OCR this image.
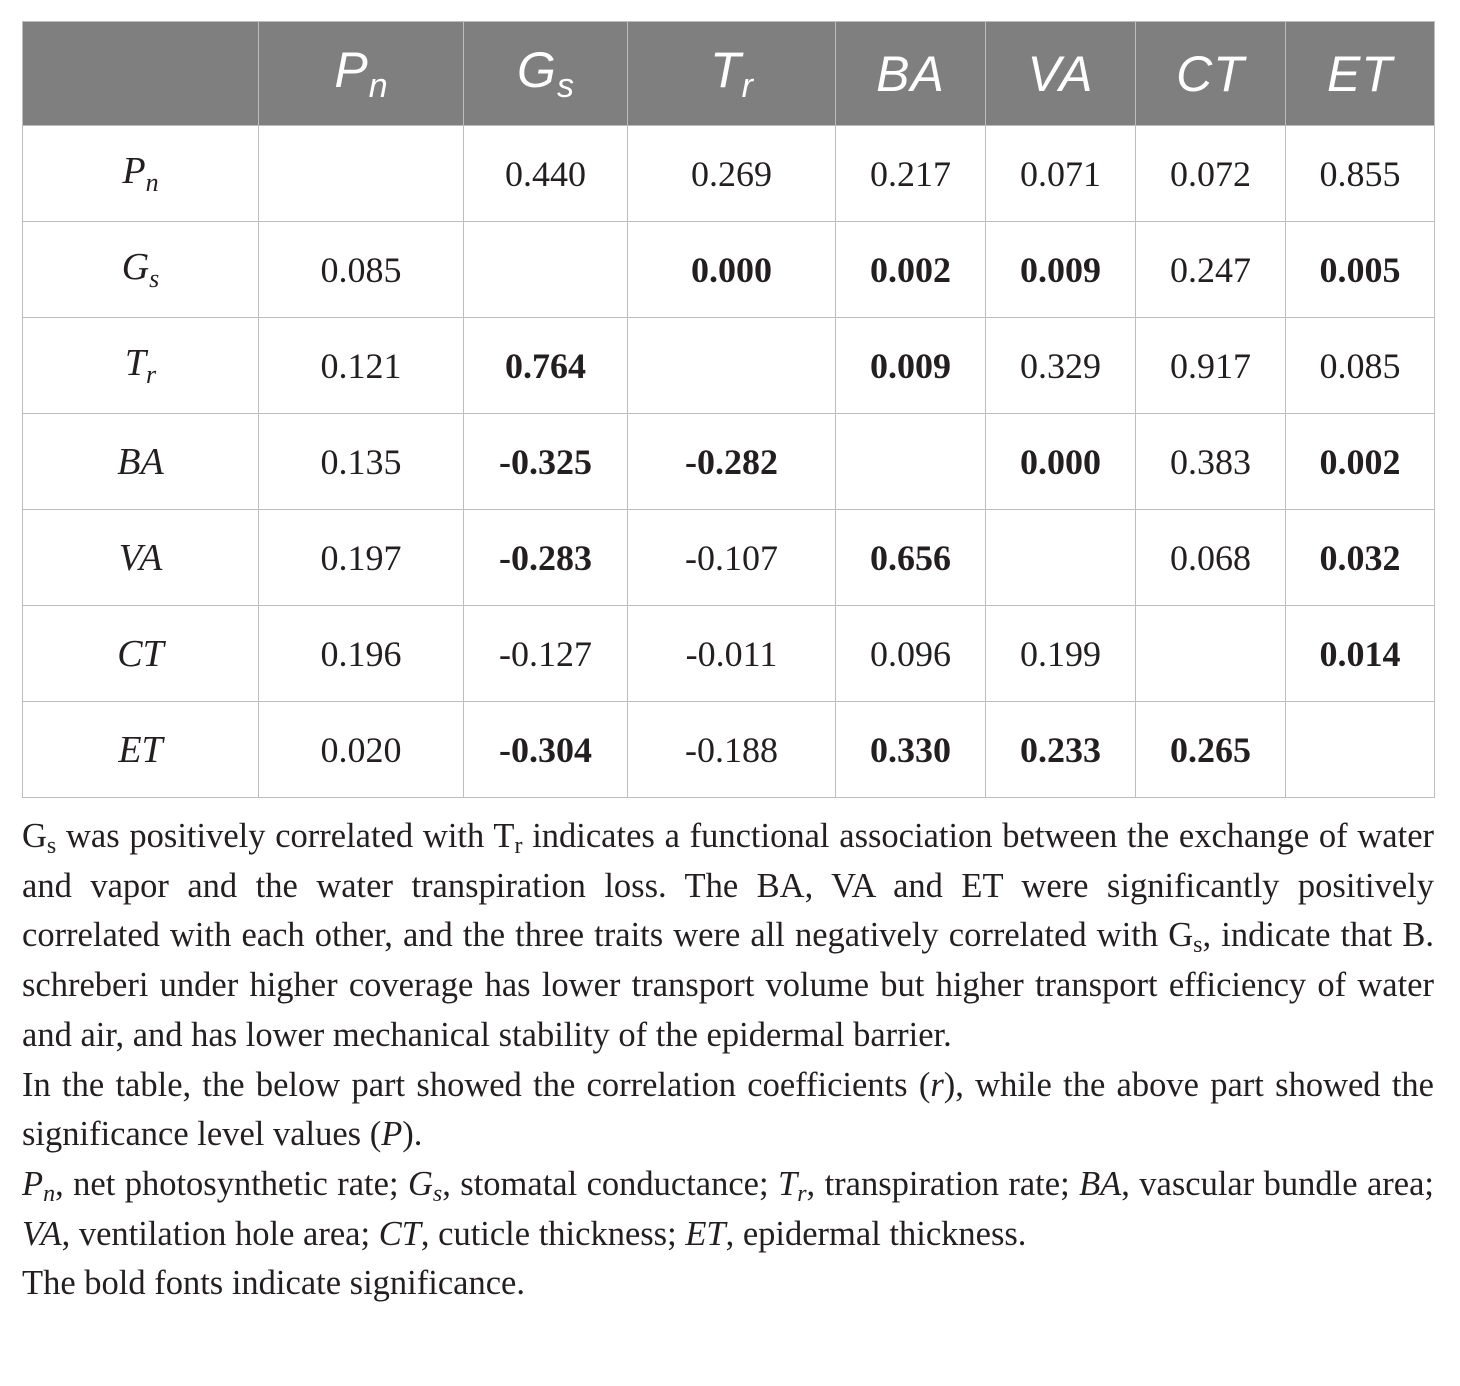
	$P_n$	$G_s$	$T_r$	BA	VA	CT	ET
$P_n$		0.440	0.269	0.217	0.071	0.072	0.855
$G_s$	0.085		0.000	0.002	0.009	0.247	0.005
$T_r$	0.121	0.764		0.009	0.329	0.917	0.085
BA	0.135	-0.325	-0.282		0.000	0.383	0.002
VA	0.197	-0.283	-0.107	0.656		0.068	0.032
CT	0.196	-0.127	-0.011	0.096	0.199		0.014
ET	0.020	-0.304	-0.188	0.330	0.233	0.265	

$G_s$ was positively correlated with $T_r$ indicates a functional association between the exchange of water and vapor and the water transpiration loss. The BA, VA and ET were significantly positively correlated with each other, and the three traits were all negatively correlated with $G_s$, indicate that B. schreberi under higher coverage has lower transport volume but higher transport efficiency of water and air, and has lower mechanical stability of the epidermal barrier.

In the table, the below part showed the correlation coefficients (r), while the above part showed the significance level values (P).

$P_n$, net photosynthetic rate; $G_s$, stomatal conductance; $T_r$, transpiration rate; BA, vascular bundle area; VA, ventilation hole area; CT, cuticle thickness; ET, epidermal thickness.

The bold fonts indicate significance.
